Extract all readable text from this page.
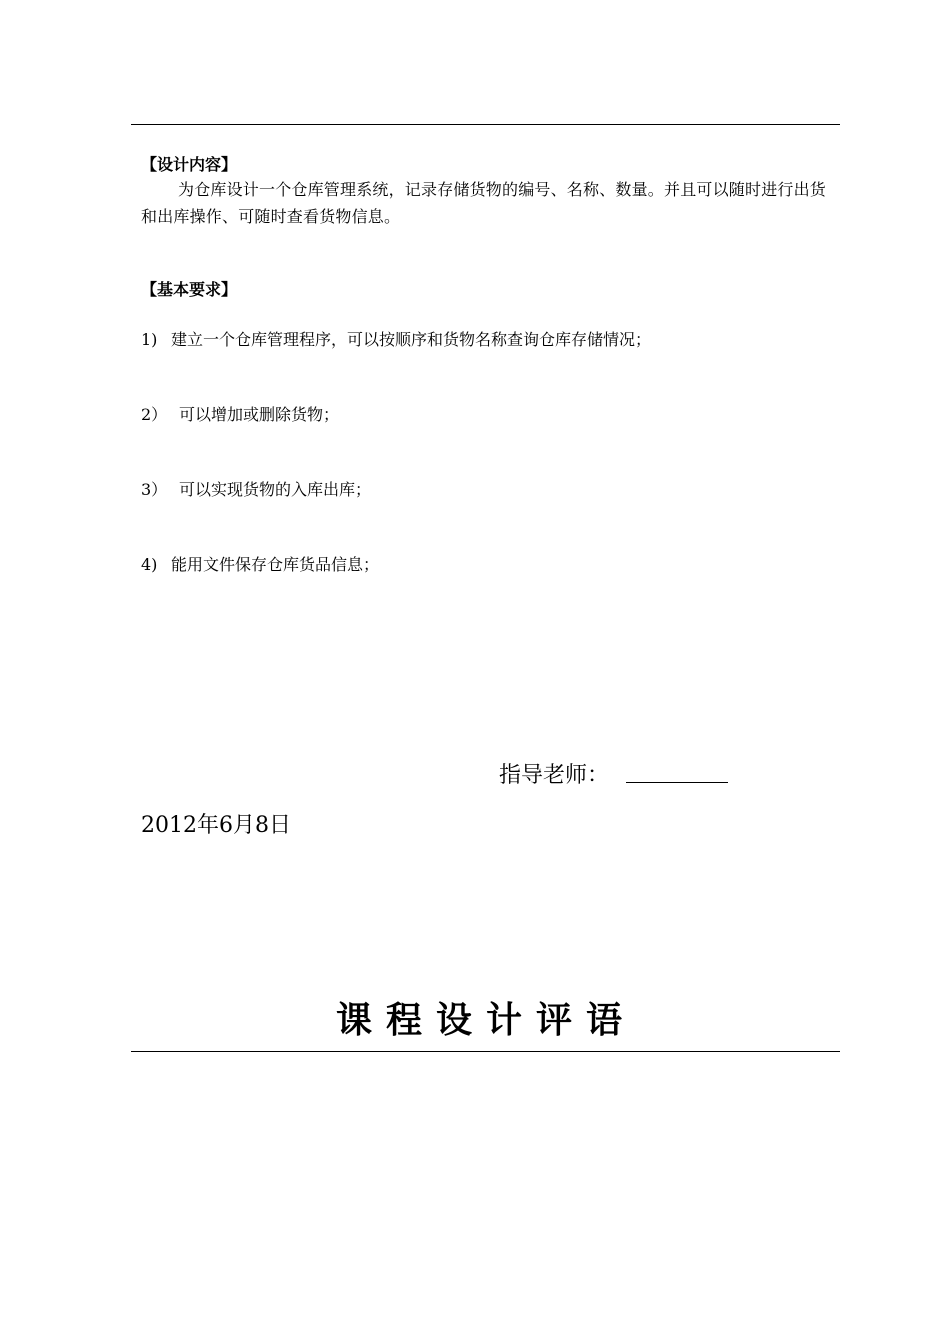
【设计内容】
为仓库设计一个仓库管理系统，记录存储货物的编号、名称、数量。并且可以随时进行出货和出库操作、可随时查看货物信息。
【基本要求】
1) 建立一个仓库管理程序，可以按顺序和货物名称查询仓库存储情况；
2） 可以增加或删除货物；
3） 可以实现货物的入库出库；
4) 能用文件保存仓库货品信息；
指导老师：
2012年6月8日
课程设计评语
